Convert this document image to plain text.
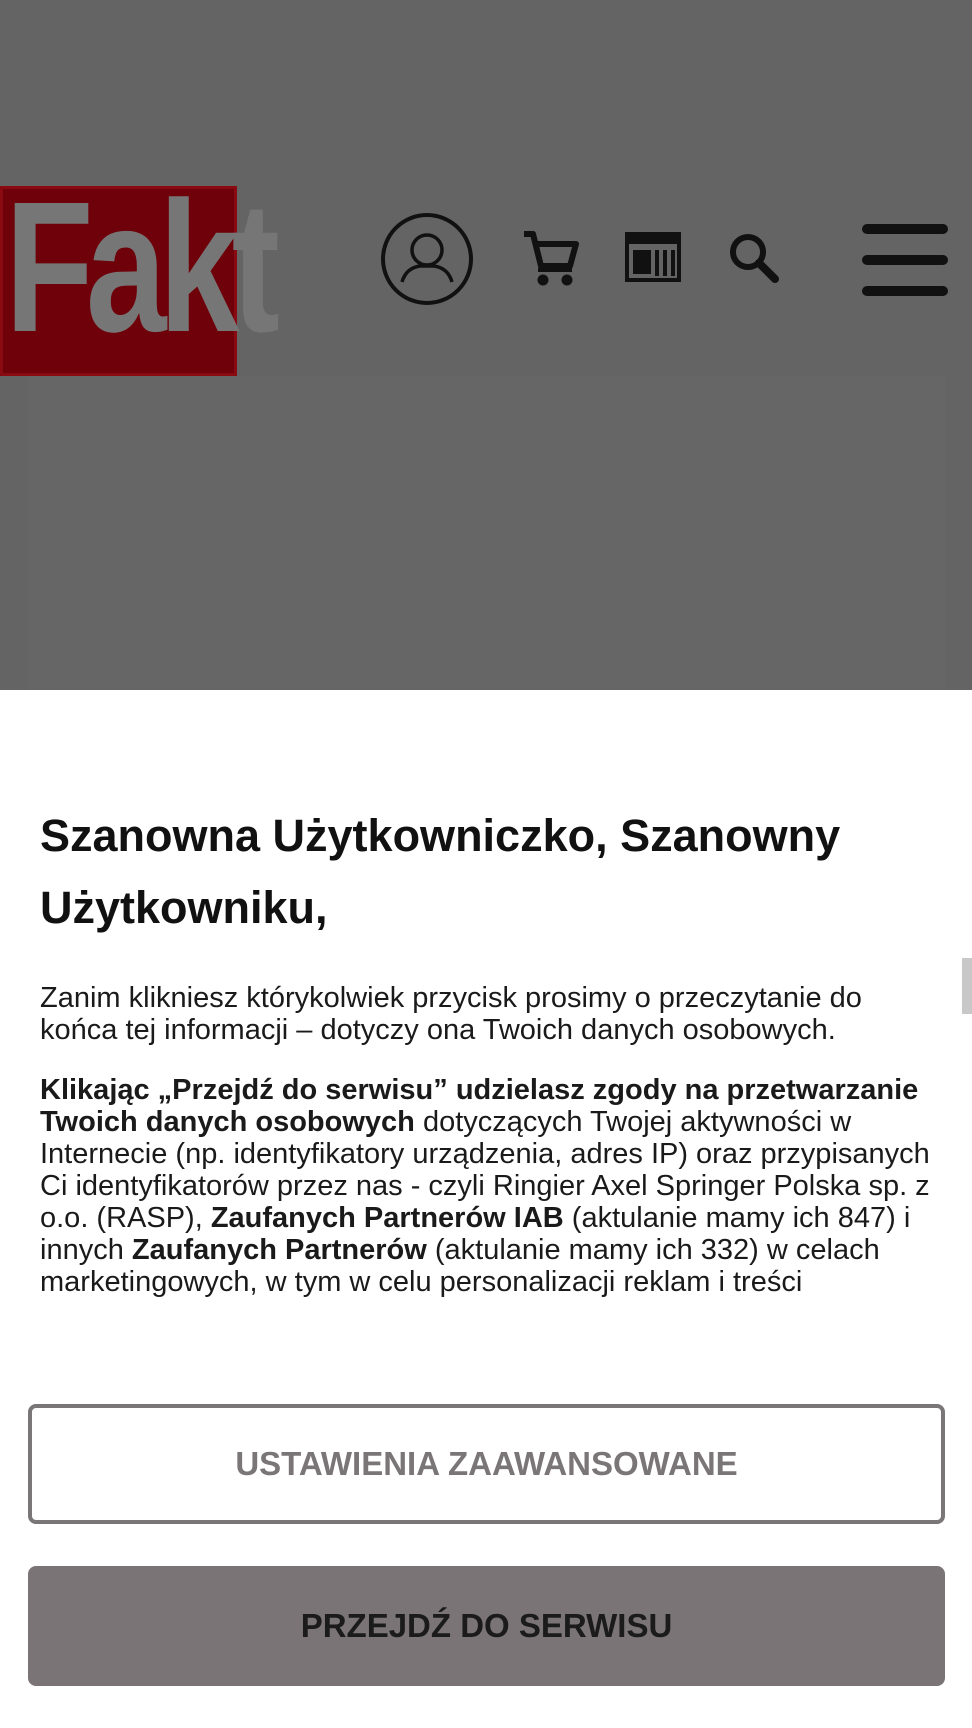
Fakt
Szanowna Użytkowniczko, Szanowny Użytkowniku,

Zanim klikniesz którykolwiek przycisk prosimy o przeczytanie do końca tej informacji – dotyczy ona Twoich danych osobowych.

Klikając „Przejdź do serwisu” udzielasz zgody na przetwarzanie Twoich danych osobowych dotyczących Twojej aktywności w Internecie (np. identyfikatory urządzenia, adres IP) oraz przypisanych Ci identyfikatorów przez nas - czyli Ringier Axel Springer Polska sp. z o.o. (RASP), Zaufanych Partnerów IAB (aktulanie mamy ich 847) i innych Zaufanych Partnerów (aktulanie mamy ich 332) w celach marketingowych, w tym w celu personalizacji reklam i treści

USTAWIENIA ZAAWANSOWANE
PRZEJDŹ DO SERWISU
